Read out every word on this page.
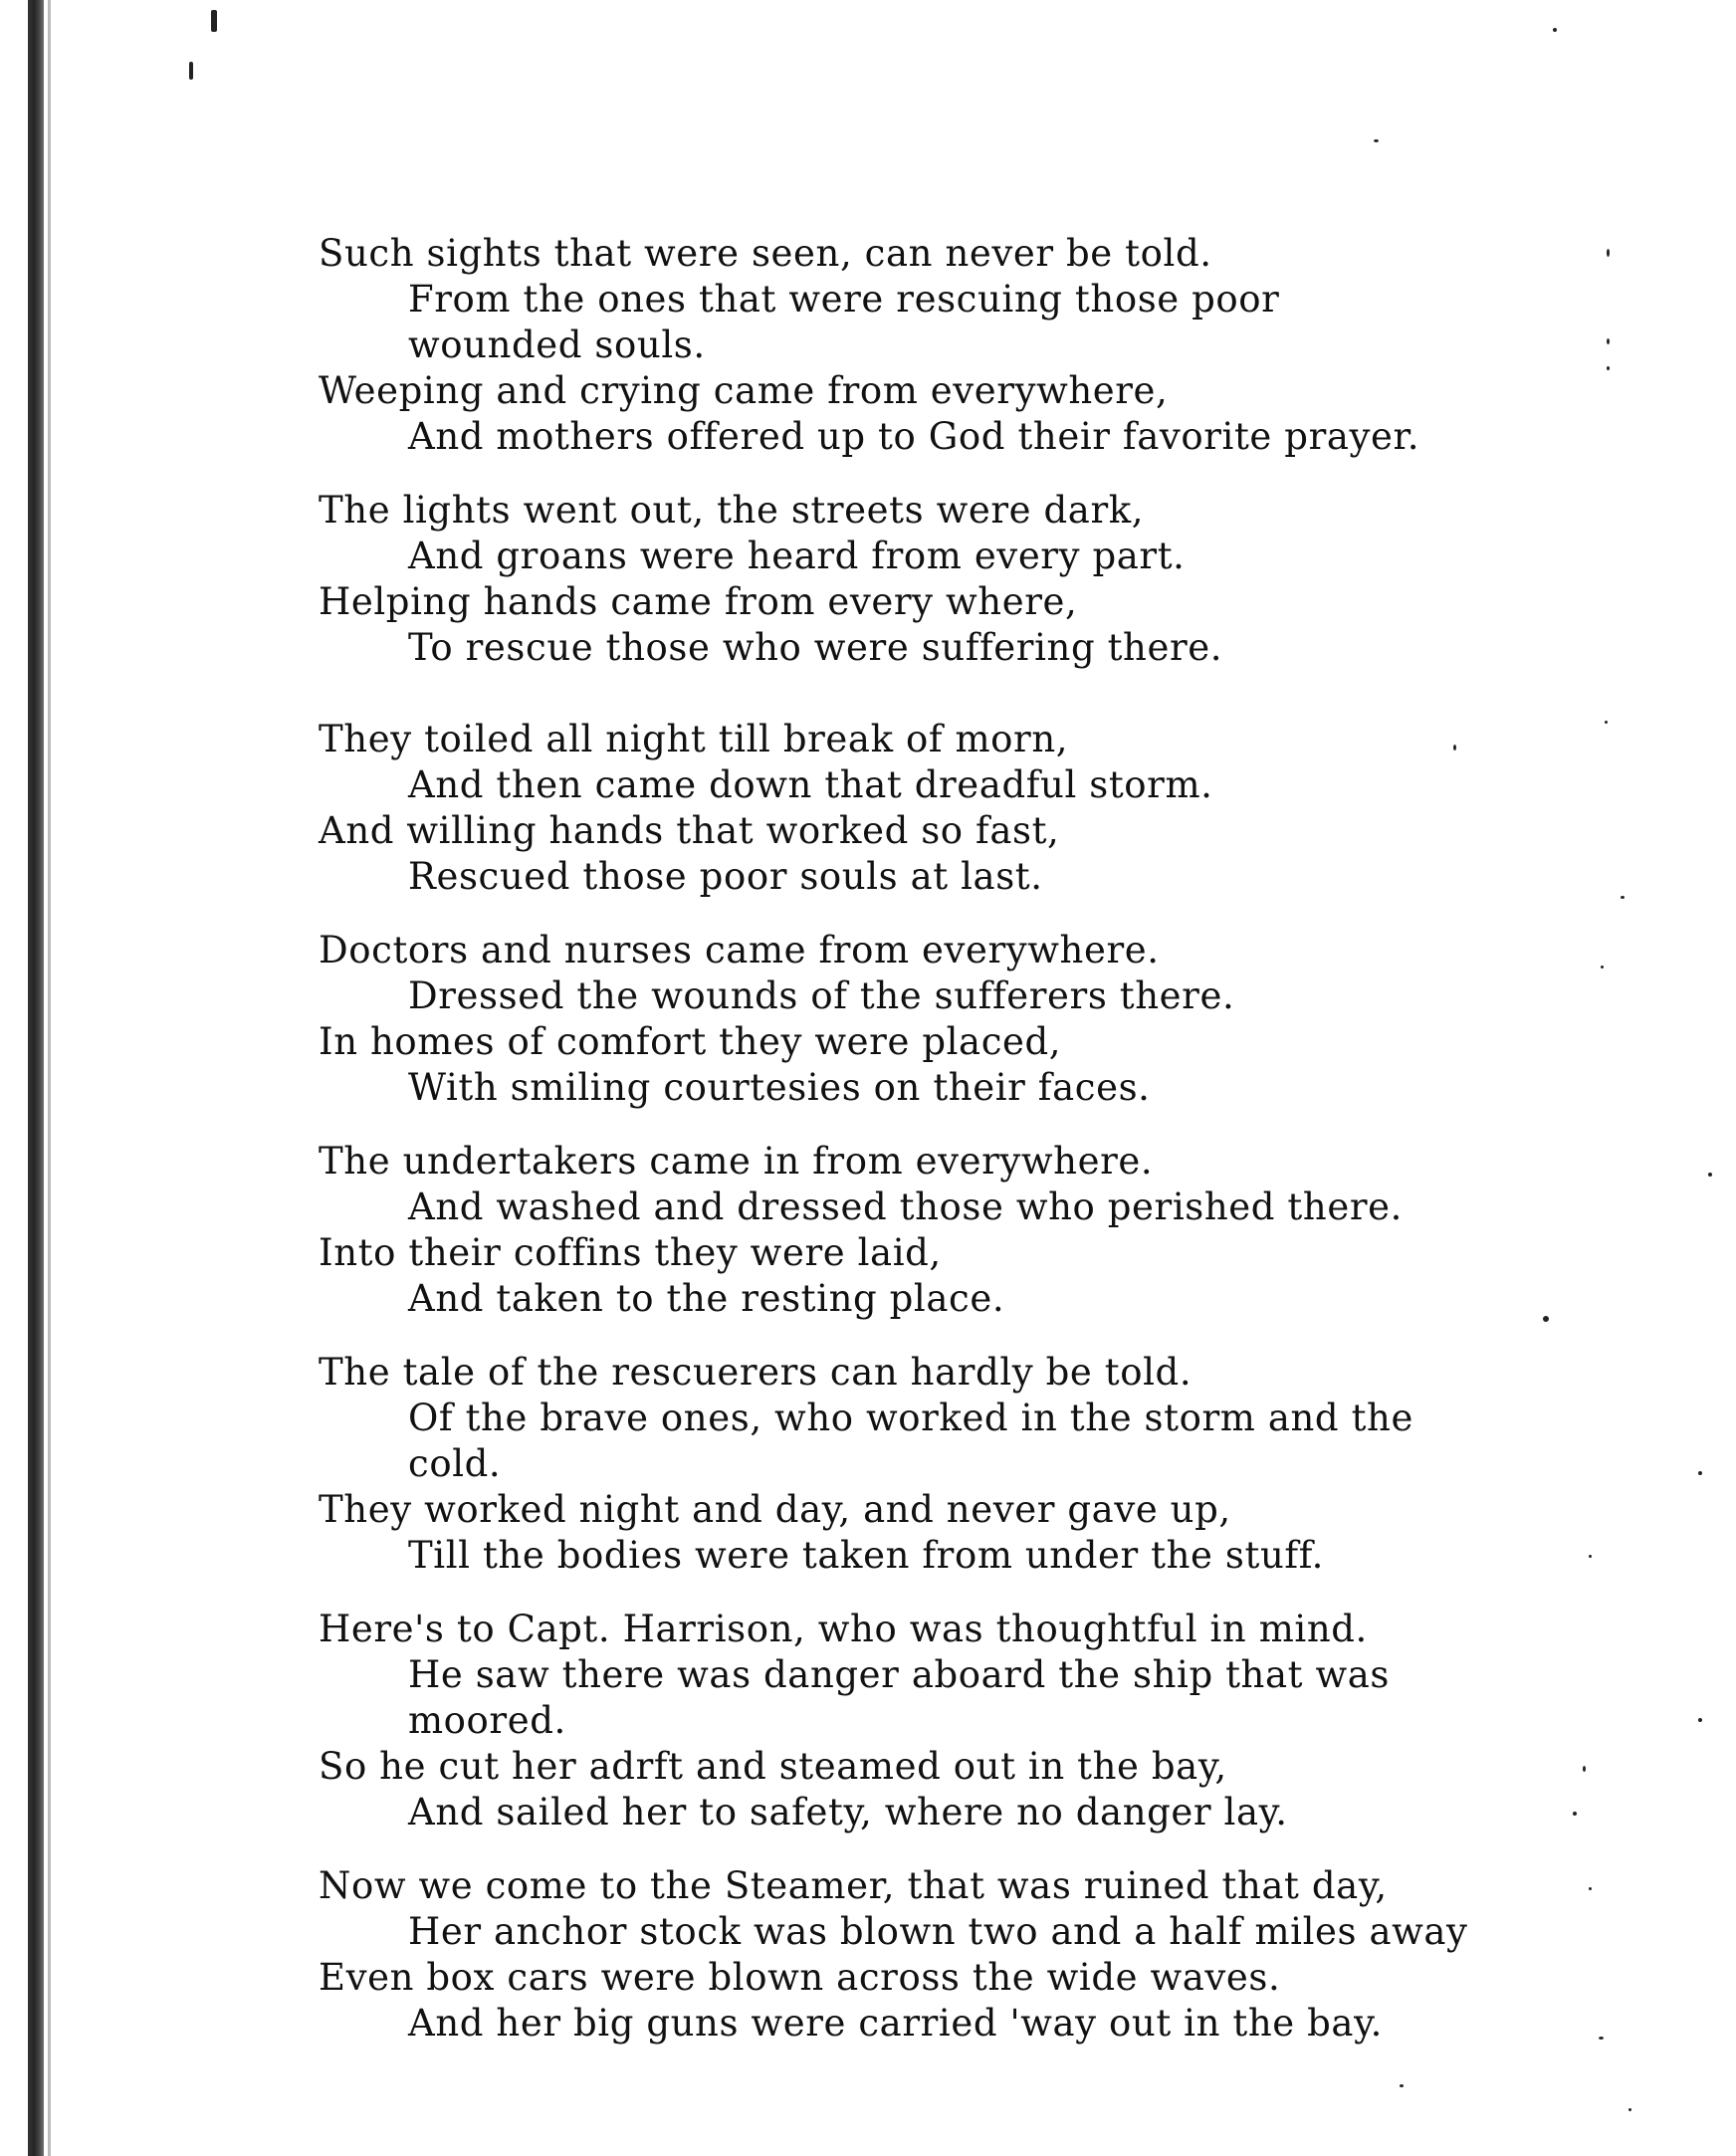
Such sights that were seen, can never be told.
From the ones that were rescuing those poor
wounded souls.
Weeping and crying came from everywhere,
And mothers offered up to God their favorite prayer.
The lights went out, the streets were dark,
And groans were heard from every part.
Helping hands came from every where,
To rescue those who were suffering there.
They toiled all night till break of morn,
And then came down that dreadful storm.
And willing hands that worked so fast,
Rescued those poor souls at last.
Doctors and nurses came from everywhere.
Dressed the wounds of the sufferers there.
In homes of comfort they were placed,
With smiling courtesies on their faces.
The undertakers came in from everywhere.
And washed and dressed those who perished there.
Into their coffins they were laid,
And taken to the resting place.
The tale of the rescuerers can hardly be told.
Of the brave ones, who worked in the storm and the
cold.
They worked night and day, and never gave up,
Till the bodies were taken from under the stuff.
Here's to Capt. Harrison, who was thoughtful in mind.
He saw there was danger aboard the ship that was
moored.
So he cut her adrft and steamed out in the bay,
And sailed her to safety, where no danger lay.
Now we come to the Steamer, that was ruined that day,
Her anchor stock was blown two and a half miles away
Even box cars were blown across the wide waves.
And her big guns were carried 'way out in the bay.
